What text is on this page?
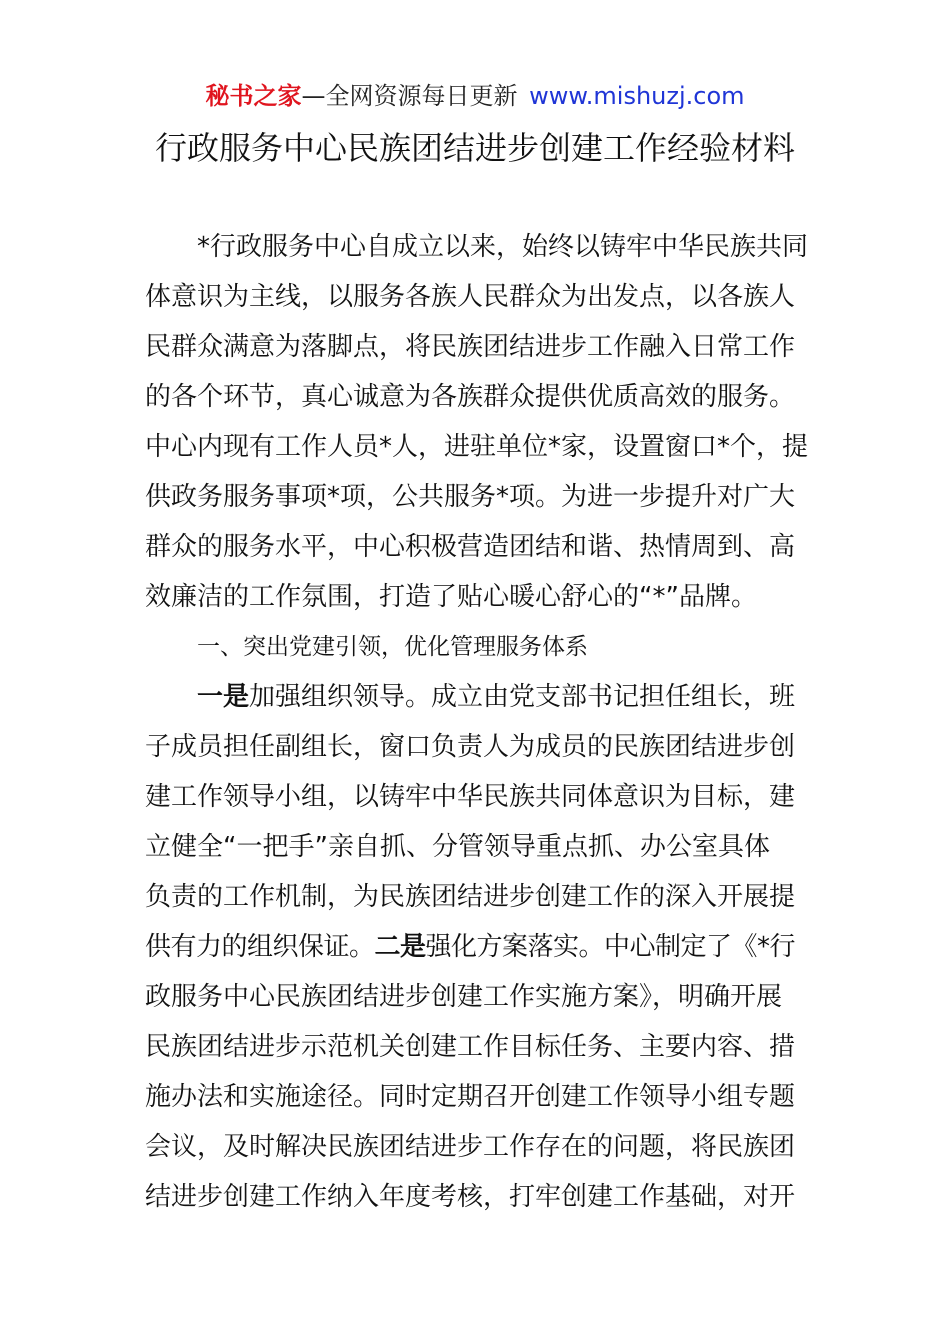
秘书之家—全网资源每日更新 www.mishuzj.com
行政服务中心民族团结进步创建工作经验材料
*行政服务中心自成立以来，始终以铸牢中华民族共同
体意识为主线，以服务各族人民群众为出发点，以各族人
民群众满意为落脚点，将民族团结进步工作融入日常工作
的各个环节，真心诚意为各族群众提供优质高效的服务。
中心内现有工作人员*人，进驻单位*家，设置窗口*个，提
供政务服务事项*项，公共服务*项。为进一步提升对广大
群众的服务水平，中心积极营造团结和谐、热情周到、高
效廉洁的工作氛围，打造了贴心暖心舒心的“*”品牌。
一、突出党建引领，优化管理服务体系
一是加强组织领导。成立由党支部书记担任组长，班
子成员担任副组长，窗口负责人为成员的民族团结进步创
建工作领导小组，以铸牢中华民族共同体意识为目标，建
立健全“一把手”亲自抓、分管领导重点抓、办公室具体
负责的工作机制，为民族团结进步创建工作的深入开展提
供有力的组织保证。二是强化方案落实。中心制定了《*行
政服务中心民族团结进步创建工作实施方案》，明确开展
民族团结进步示范机关创建工作目标任务、主要内容、措
施办法和实施途径。同时定期召开创建工作领导小组专题
会议，及时解决民族团结进步工作存在的问题，将民族团
结进步创建工作纳入年度考核，打牢创建工作基础，对开
